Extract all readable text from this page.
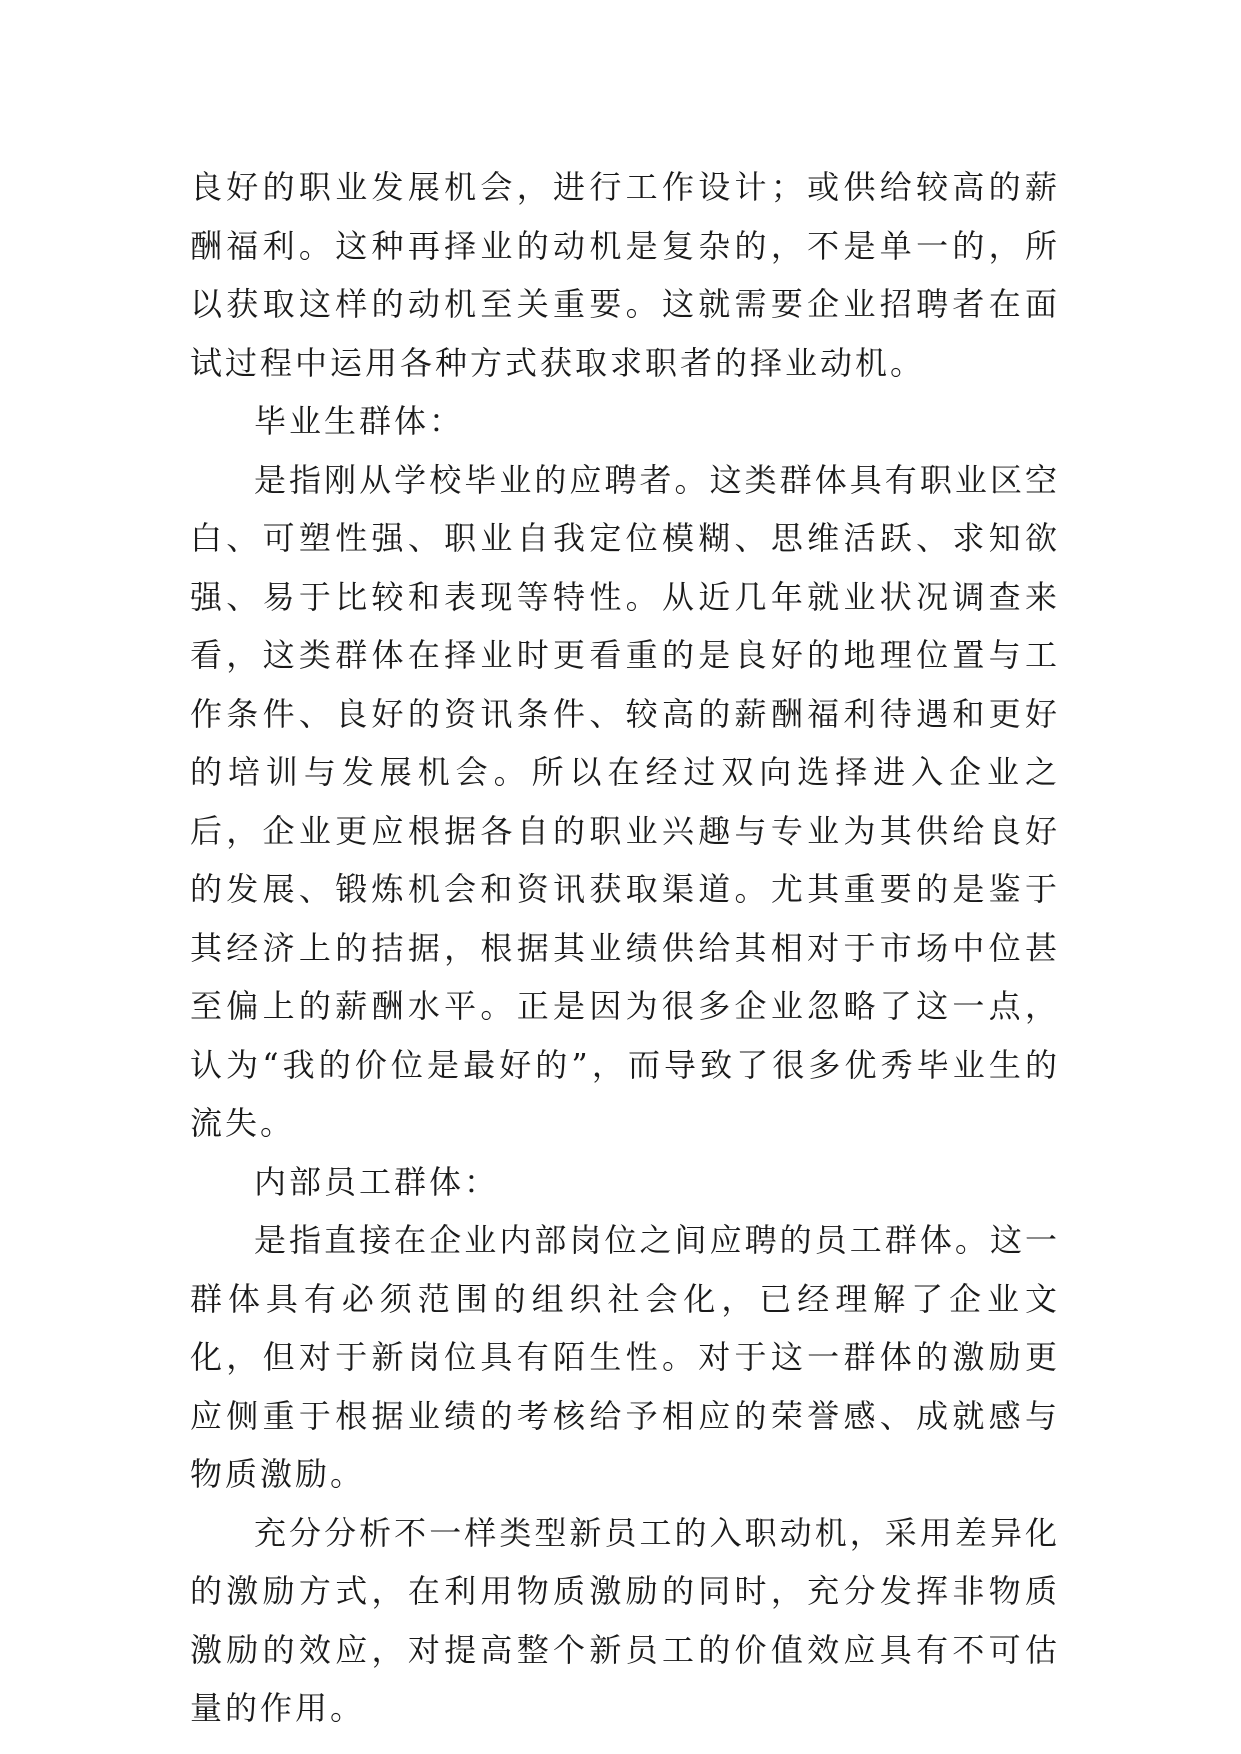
良好的职业发展机会，进行工作设计；或供给较高的薪酬福利。这种再择业的动机是复杂的，不是单一的，所以获取这样的动机至关重要。这就需要企业招聘者在面试过程中运用各种方式获取求职者的择业动机。

毕业生群体：

是指刚从学校毕业的应聘者。这类群体具有职业区空白、可塑性强、职业自我定位模糊、思维活跃、求知欲强、易于比较和表现等特性。从近几年就业状况调查来看，这类群体在择业时更看重的是良好的地理位置与工作条件、良好的资讯条件、较高的薪酬福利待遇和更好的培训与发展机会。所以在经过双向选择进入企业之后，企业更应根据各自的职业兴趣与专业为其供给良好的发展、锻炼机会和资讯获取渠道。尤其重要的是鉴于其经济上的拮据，根据其业绩供给其相对于市场中位甚至偏上的薪酬水平。正是因为很多企业忽略了这一点，认为“我的价位是最好的”，而导致了很多优秀毕业生的流失。

内部员工群体：

是指直接在企业内部岗位之间应聘的员工群体。这一群体具有必须范围的组织社会化，已经理解了企业文化，但对于新岗位具有陌生性。对于这一群体的激励更应侧重于根据业绩的考核给予相应的荣誉感、成就感与物质激励。

充分分析不一样类型新员工的入职动机，采用差异化的激励方式，在利用物质激励的同时，充分发挥非物质激励的效应，对提高整个新员工的价值效应具有不可估量的作用。
